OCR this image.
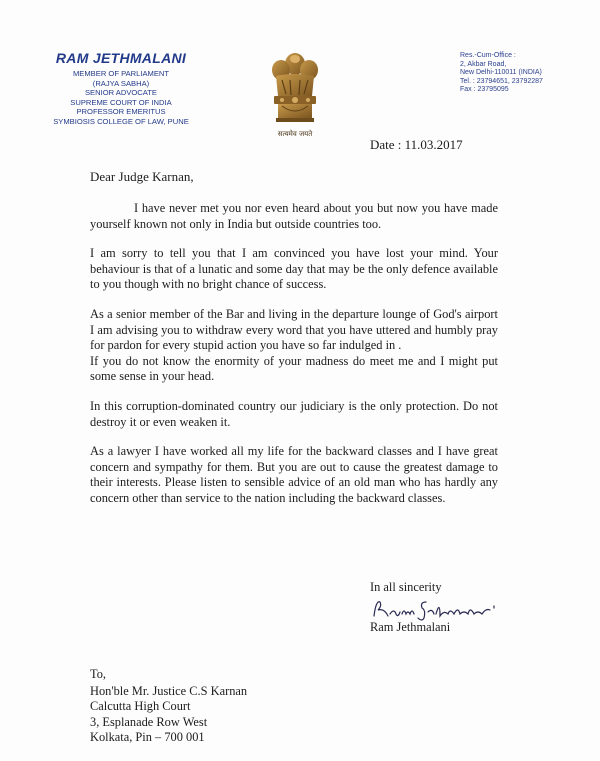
RAM JETHMALANI
MEMBER OF PARLIAMENT
(RAJYA SABHA)
SENIOR ADVOCATE
SUPREME COURT OF INDIA
PROFESSOR EMERITUS
SYMBIOSIS COLLEGE OF LAW, PUNE
सत्यमेव जयते
Res.-Cum-Office :
2, Akbar Road,
New Delhi-110011 (INDIA)
Tel. : 23794651, 23792287
Fax : 23795095
Date : 11.03.2017
Dear Judge Karnan,

I have never met you nor even heard about you but now you have made yourself known not only in India but outside countries too.

I am sorry to tell you that I am convinced you have lost your mind. Your behaviour is that of a lunatic and some day that may be the only defence available to you though with no bright chance of success.

As a senior member of the Bar and living in the departure lounge of God's airport I am advising you to withdraw every word that you have uttered and humbly pray for pardon for every stupid action you have so far indulged in .

If you do not know the enormity of your madness do meet me and I might put some sense in your head.

In this corruption-dominated country our judiciary is the only protection. Do not destroy it or even weaken it.

As a lawyer I have worked all my life for the backward classes and I have great concern and sympathy for them. But you are out to cause the greatest damage to their interests. Please listen to sensible advice of an old man who has hardly any concern other than service to the nation including the backward classes.

In all sincerity
Ram Jethmalani
To,
Hon'ble Mr. Justice C.S Karnan
Calcutta High Court
3, Esplanade Row West
Kolkata, Pin – 700 001
